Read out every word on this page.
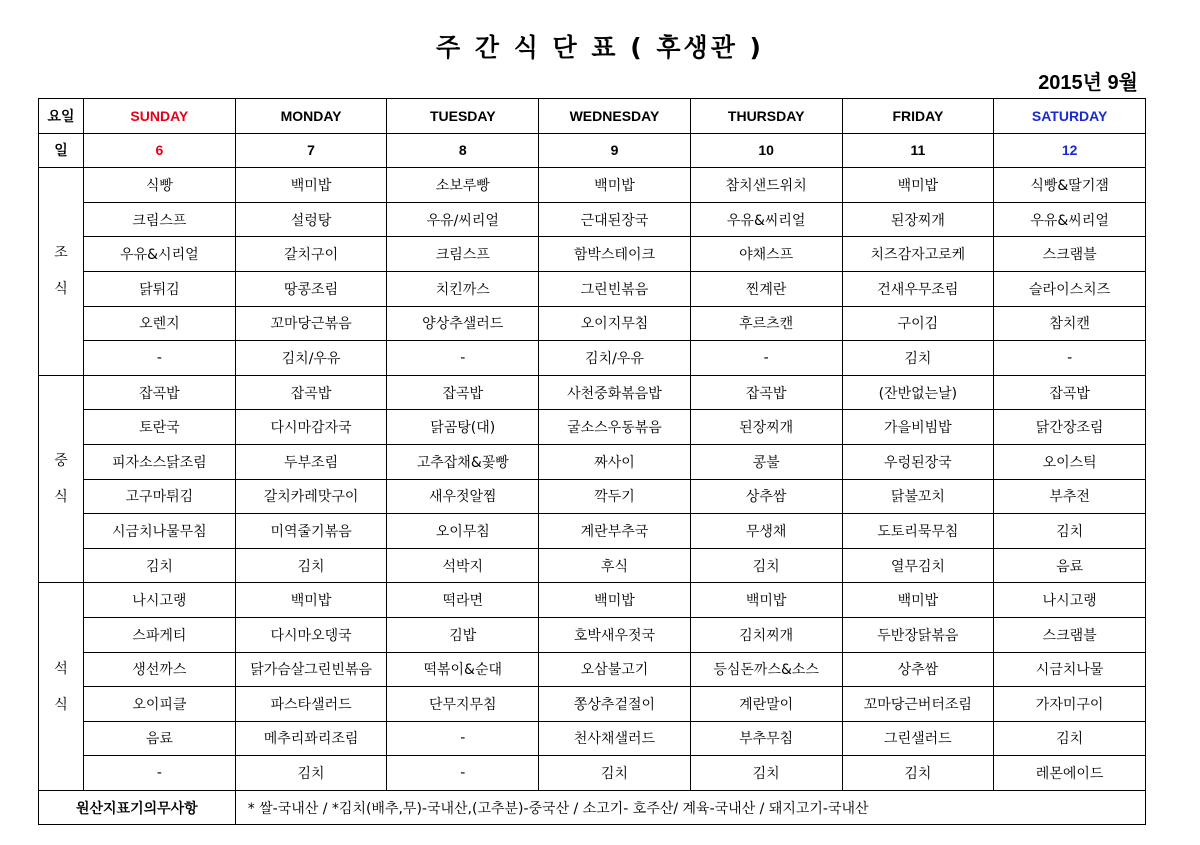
주 간 식 단 표 ( 후생관 )
2015년 9월
요일	SUNDAY	MONDAY	TUESDAY	WEDNESDAY	THURSDAY	FRIDAY	SATURDAY
일	6	7	8	9	10	11	12

조
식	식빵	백미밥	소보루빵	백미밥	참치샌드위치	백미밥	식빵&딸기잼
	크림스프	설렁탕	우유/씨리얼	근대된장국	우유&씨리얼	된장찌개	우유&씨리얼
	우유&시리얼	갈치구이	크림스프	함박스테이크	야채스프	치즈감자고로케	스크램블
	닭튀김	땅콩조림	치킨까스	그린빈볶음	찐계란	건새우무조림	슬라이스치즈
	오렌지	꼬마당근볶음	양상추샐러드	오이지무침	후르츠캔	구이김	참치캔
	-	김치/우유	-	김치/우유	-	김치	-

중
식	잡곡밥	잡곡밥	잡곡밥	사천중화볶음밥	잡곡밥	(잔반없는날)	잡곡밥
	토란국	다시마감자국	닭곰탕(대)	굴소스우동볶음	된장찌개	가을비빔밥	닭간장조림
	피자소스닭조림	두부조림	고추잡채&꽃빵	짜사이	콩불	우렁된장국	오이스틱
	고구마튀김	갈치카레맛구이	새우젓알찜	깍두기	상추쌈	닭불꼬치	부추전
	시금치나물무침	미역줄기볶음	오이무침	계란부추국	무생채	도토리묵무침	김치
	김치	김치	석박지	후식	김치	열무김치	음료

석
식	나시고랭	백미밥	떡라면	백미밥	백미밥	백미밥	나시고랭
	스파게티	다시마오뎅국	김밥	호박새우젓국	김치찌개	두반장닭볶음	스크램블
	생선까스	닭가슴살그린빈볶음	떡볶이&순대	오삼불고기	등심돈까스&소스	상추쌈	시금치나물
	오이피클	파스타샐러드	단무지무침	쫑상추겉절이	계란말이	꼬마당근버터조림	가자미구이
	음료	메추리꽈리조림	-	천사채샐러드	부추무침	그린샐러드	김치
	-	김치	-	김치	김치	김치	레몬에이드
원산지표기의무사항		* 쌀-국내산 / *김치(배추,무)-국내산,(고추분)-중국산 / 소고기- 호주산/ 계육-국내산 / 돼지고기-국내산					
